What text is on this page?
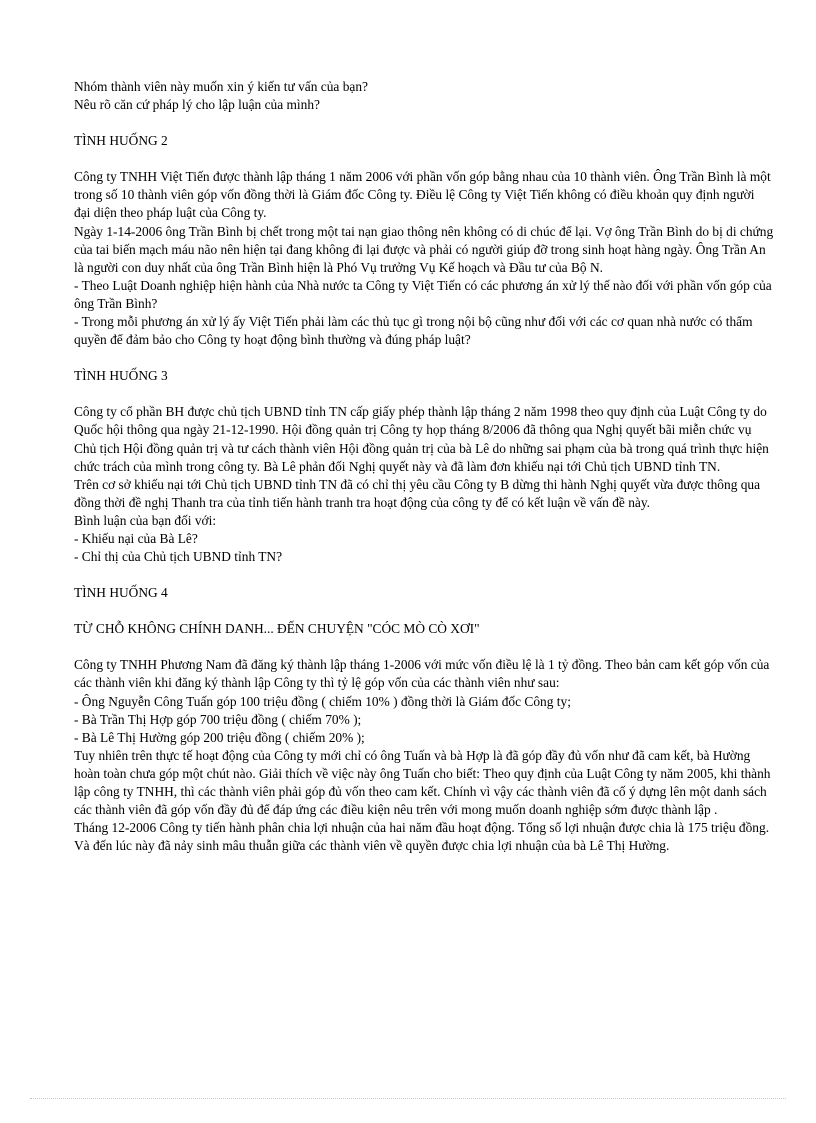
Nhóm thành viên này muốn xin ý kiến tư vấn của bạn?

Nêu rõ căn cứ pháp lý cho lập luận của mình?

TÌNH HUỐNG 2

Công ty TNHH Việt Tiến được thành lập tháng 1 năm 2006 với phần vốn góp bằng nhau của 10 thành viên. Ông Trần Bình là một trong số 10 thành viên góp vốn đồng thời là Giám đốc Công ty. Điều lệ Công ty Việt Tiến không có điều khoản quy định người đại diện theo pháp luật của Công ty.

Ngày 1-14-2006 ông Trần Bình bị chết trong một tai nạn giao thông nên không có di chúc để lại. Vợ ông Trần Bình do bị di chứng của tai biến mạch máu não nên hiện tại đang không đi lại được và phải có người giúp đỡ trong sinh hoạt hàng ngày. Ông Trần An là người con duy nhất của ông Trần Bình hiện là Phó Vụ trưởng Vụ Kế hoạch và Đầu tư của Bộ N.

- Theo Luật Doanh nghiệp hiện hành của Nhà nước ta Công ty Việt Tiến có các phương án xử lý thế nào đối với phần vốn góp của ông Trần Bình?

- Trong mỗi phương án xử lý ấy Việt Tiến phải làm các thủ tục gì trong nội bộ cũng như đối với các cơ quan nhà nước có thẩm quyền để đảm bảo cho Công ty hoạt động bình thường và đúng pháp luật?

TÌNH HUỐNG 3

Công ty cổ phần BH được chủ tịch UBND tỉnh TN cấp giấy phép thành lập tháng 2 năm 1998 theo quy định của Luật Công ty do Quốc hội thông qua ngày 21-12-1990. Hội đồng quản trị Công ty họp tháng 8/2006 đã thông qua Nghị quyết bãi miễn chức vụ Chủ tịch Hội đồng quản trị và tư cách thành viên Hội đồng quản trị của bà Lê do những sai phạm của bà trong quá trình thực hiện chức trách của mình trong công ty. Bà Lê phản đối Nghị quyết này và đã làm đơn khiếu nại tới Chủ tịch UBND tỉnh TN.

Trên cơ sở khiếu nại tới Chủ tịch UBND tỉnh TN đã có chỉ thị yêu cầu Công ty B dừng thi hành Nghị quyết vừa được thông qua đồng thời đề nghị Thanh tra của tỉnh tiến hành tranh tra hoạt động của công ty để có kết luận về vấn đề này.

Bình luận của bạn đối với:

- Khiếu nại của Bà Lê?

- Chỉ thị của Chủ tịch UBND tỉnh TN?

TÌNH HUỐNG 4

TỪ CHỖ KHÔNG CHÍNH DANH... ĐẾN CHUYỆN "CÓC MÒ CÒ XƠI"

Công ty TNHH Phương Nam đã đăng ký thành lập tháng 1-2006 với mức vốn điều lệ là 1 tỷ đồng. Theo bản cam kết góp vốn của các thành viên khi đăng ký thành lập Công ty thì tỷ lệ góp vốn của các thành viên như sau:

- Ông Nguyễn Công Tuấn góp 100 triệu đồng ( chiếm 10% ) đồng thời là Giám đốc Công ty;

- Bà Trần Thị Hợp góp 700 triệu đồng ( chiếm 70% );

- Bà Lê Thị Hường góp 200 triệu đồng ( chiếm 20% );

Tuy nhiên trên thực tế hoạt động của Công ty mới chỉ có ông Tuấn và bà Hợp là đã góp đầy đủ vốn như đã cam kết, bà Hường hoàn toàn chưa góp một chút nào. Giải thích về việc này ông Tuấn cho biết: Theo quy định của Luật Công ty năm 2005, khi thành lập công ty TNHH, thì các thành viên phải góp đủ vốn theo cam kết. Chính vì vậy các thành viên đã cố ý dựng lên một danh sách các thành viên đã góp vốn đầy đủ để đáp ứng các điều kiện nêu trên với mong muốn doanh nghiệp sớm được thành lập .

Tháng 12-2006 Công ty tiến hành phân chia lợi nhuận của hai năm đầu hoạt động. Tổng số lợi nhuận được chia là 175 triệu đồng. Và đến lúc này đã nảy sinh mâu thuẫn giữa các thành viên về quyền được chia lợi nhuận của bà Lê Thị Hường.
